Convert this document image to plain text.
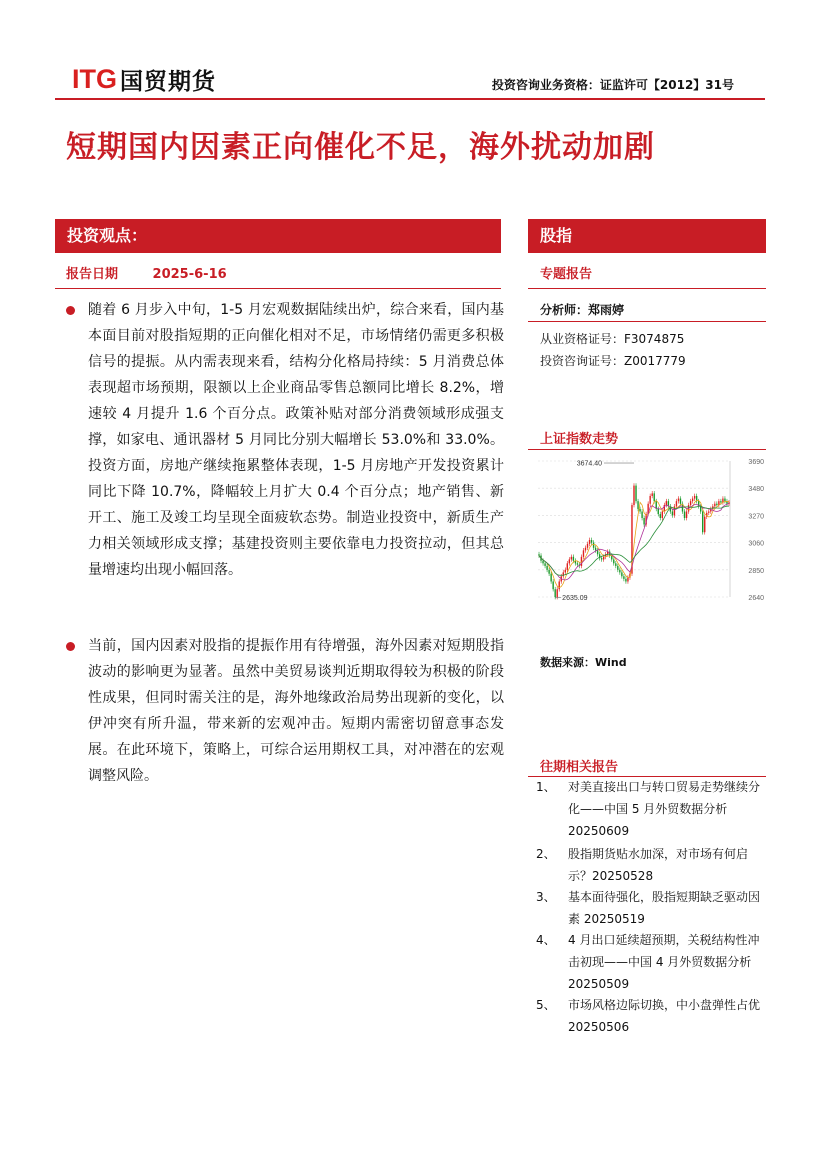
ITG 国贸期货	投资咨询业务资格：证监许可【2012】31号
短期国内因素正向催化不足，海外扰动加剧
投资观点：
报告日期	2025-6-16
随着 6 月步入中旬，1-5 月宏观数据陆续出炉，综合来看，国内基本面目前对股指短期的正向催化相对不足，市场情绪仍需更多积极信号的提振。从内需表现来看，结构分化格局持续：5 月消费总体表现超市场预期，限额以上企业商品零售总额同比增长 8.2%，增速较 4 月提升 1.6 个百分点。政策补贴对部分消费领域形成强支撑，如家电、通讯器材 5 月同比分别大幅增长 53.0%和 33.0%。投资方面，房地产继续拖累整体表现，1-5 月房地产开发投资累计同比下降 10.7%，降幅较上月扩大 0.4 个百分点；地产销售、新开工、施工及竣工均呈现全面疲软态势。制造业投资中，新质生产力相关领域形成支撑；基建投资则主要依靠电力投资拉动，但其总量增速均出现小幅回落。
当前，国内因素对股指的提振作用有待增强，海外因素对短期股指波动的影响更为显著。虽然中美贸易谈判近期取得较为积极的阶段性成果，但同时需关注的是，海外地缘政治局势出现新的变化，以伊冲突有所升温，带来新的宏观冲击。短期内需密切留意事态发展。在此环境下，策略上，可综合运用期权工具，对冲潜在的宏观调整风险。
股指
专题报告
分析师：郑雨婷
从业资格证号：F3074875
投资咨询证号：Z0017779
上证指数走势
3690
3480
3270
3060
2850
2640
3674.40
2635.09
数据来源：Wind
往期相关报告
1、	对美直接出口与转口贸易走势继续分化——中国 5 月外贸数据分析 20250609
2、	股指期货贴水加深，对市场有何启示？20250528
3、	基本面待强化，股指短期缺乏驱动因素 20250519
4、	4 月出口延续超预期，关税结构性冲击初现——中国 4 月外贸数据分析 20250509
5、	市场风格边际切换，中小盘弹性占优 20250506
